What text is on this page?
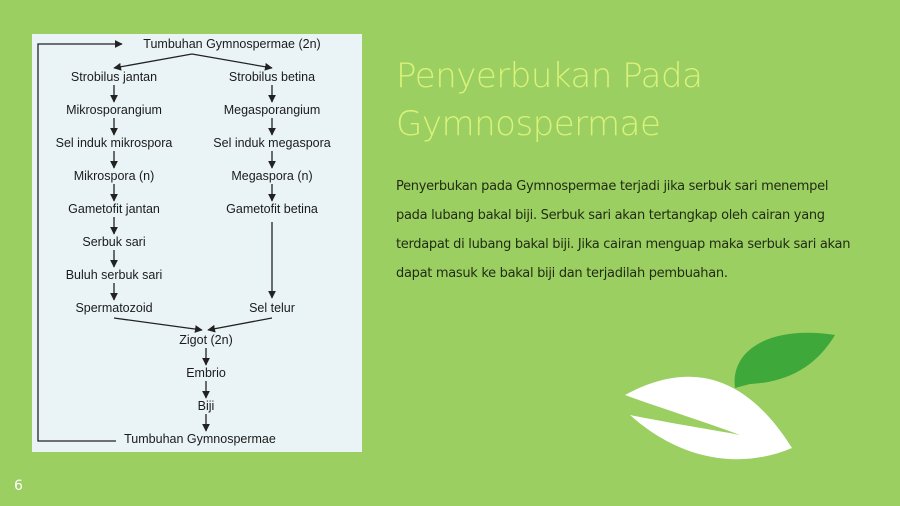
Tumbuhan Gymnospermae (2n)
Strobilus jantan
Mikrosporangium
Sel induk mikrospora
Mikrospora (n)
Gametofit jantan
Serbuk sari
Buluh serbuk sari
Spermatozoid
Strobilus betina
Megasporangium
Sel induk megaspora
Megaspora (n)
Gametofit betina
Sel telur
Zigot (2n)
Embrio
Biji
Tumbuhan Gymnospermae
Penyerbukan Pada
Gymnospermae
Penyerbukan pada Gymnospermae terjadi jika serbuk sari menempel pada lubang bakal biji. Serbuk sari akan tertangkap oleh cairan yang terdapat di lubang bakal biji. Jika cairan menguap maka serbuk sari akan dapat masuk ke bakal biji dan terjadilah pembuahan.
6
